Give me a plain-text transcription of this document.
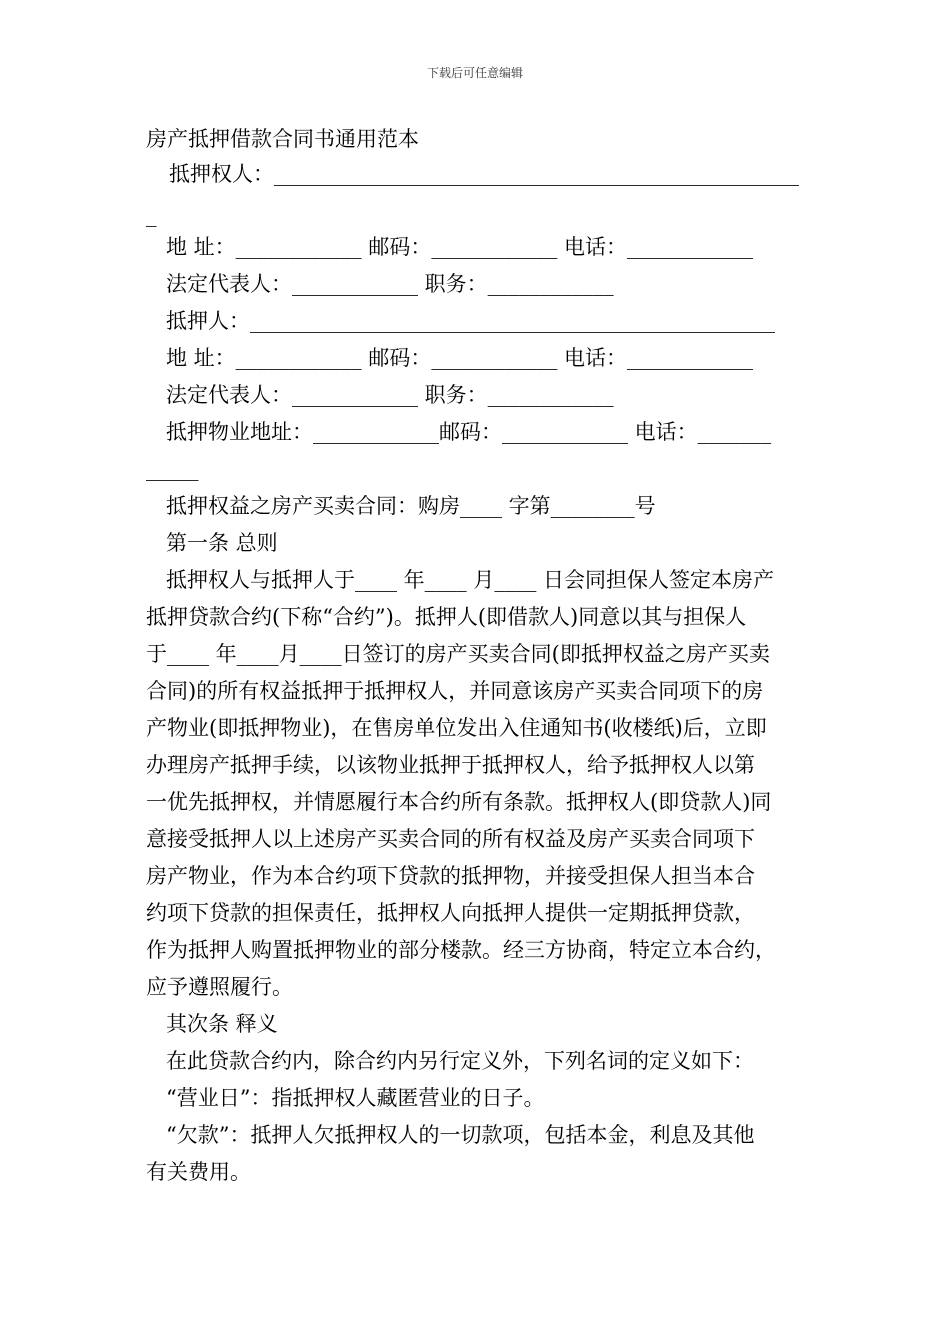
下载后可任意编辑
房产抵押借款合同书通用范本
抵押权人：__________________________________________________
_
地 址：____________ 邮码：____________ 电话：____________
法定代表人：____________ 职务：____________
抵押人：__________________________________________________
地 址：____________ 邮码：____________ 电话：____________
法定代表人：____________ 职务：____________
抵押物业地址：____________邮码：____________ 电话：_______
_____
抵押权益之房产买卖合同：购房____ 字第________号
第一条 总则
抵押权人与抵押人于____ 年____ 月____ 日会同担保人签定本房产
抵押贷款合约(下称“合约”)。抵押人(即借款人)同意以其与担保人
于____ 年____月____日签订的房产买卖合同(即抵押权益之房产买卖
合同)的所有权益抵押于抵押权人，并同意该房产买卖合同项下的房
产物业(即抵押物业)，在售房单位发出入住通知书(收楼纸)后，立即
办理房产抵押手续，以该物业抵押于抵押权人，给予抵押权人以第
一优先抵押权，并情愿履行本合约所有条款。抵押权人(即贷款人)同
意接受抵押人以上述房产买卖合同的所有权益及房产买卖合同项下
房产物业，作为本合约项下贷款的抵押物，并接受担保人担当本合
约项下贷款的担保责任，抵押权人向抵押人提供一定期抵押贷款，
作为抵押人购置抵押物业的部分楼款。经三方协商，特定立本合约，
应予遵照履行。
其次条 释义
在此贷款合约内，除合约内另行定义外，下列名词的定义如下：
“营业日”：指抵押权人藏匿营业的日子。
“欠款”：抵押人欠抵押权人的一切款项，包括本金，利息及其他
有关费用。
